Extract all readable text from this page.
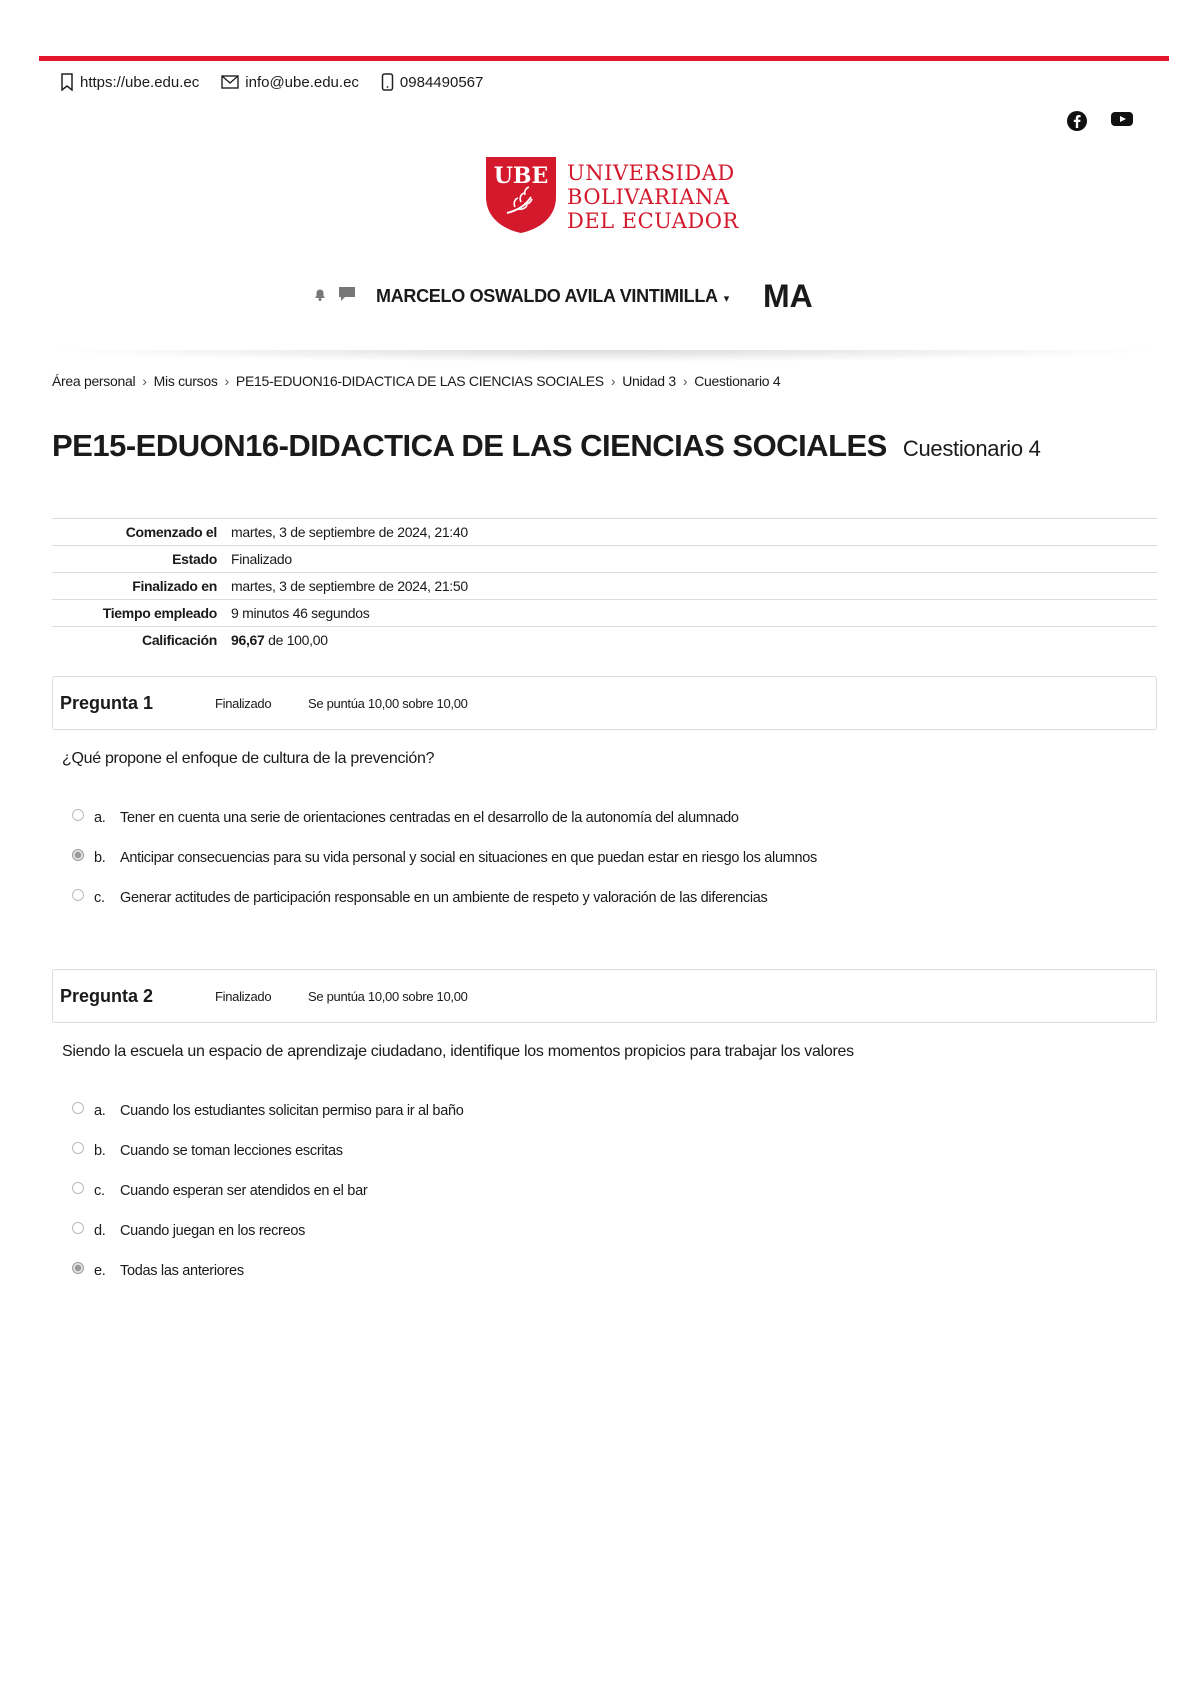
https://ube.edu.ec	info@ube.edu.ec	0984490567
UBE UNIVERSIDAD
BOLIVARIANA
DEL ECUADOR
MARCELO OSWALDO AVILA VINTIMILLA ▾ MA
Área personal › Mis cursos › PE15-EDUON16-DIDACTICA DE LAS CIENCIAS SOCIALES › Unidad 3 › Cuestionario 4
PE15-EDUON16-DIDACTICA DE LAS CIENCIAS SOCIALES Cuestionario 4
Comenzado el	martes, 3 de septiembre de 2024, 21:40
Estado	Finalizado
Finalizado en	martes, 3 de septiembre de 2024, 21:50
Tiempo empleado	9 minutos 46 segundos
Calificación	96,67 de 100,00
Pregunta 1	Finalizado	Se puntúa 10,00 sobre 10,00
¿Qué propone el enfoque de cultura de la prevención?
a.	Tener en cuenta una serie de orientaciones centradas en el desarrollo de la autonomía del alumnado
b.	Anticipar consecuencias para su vida personal y social en situaciones en que puedan estar en riesgo los alumnos
c.	Generar actitudes de participación responsable en un ambiente de respeto y valoración de las diferencias
Pregunta 2	Finalizado	Se puntúa 10,00 sobre 10,00
Siendo la escuela un espacio de aprendizaje ciudadano, identifique los momentos propicios para trabajar los valores
a.	Cuando los estudiantes solicitan permiso para ir al baño
b.	Cuando se toman lecciones escritas
c.	Cuando esperan ser atendidos en el bar
d.	Cuando juegan en los recreos
e.	Todas las anteriores
